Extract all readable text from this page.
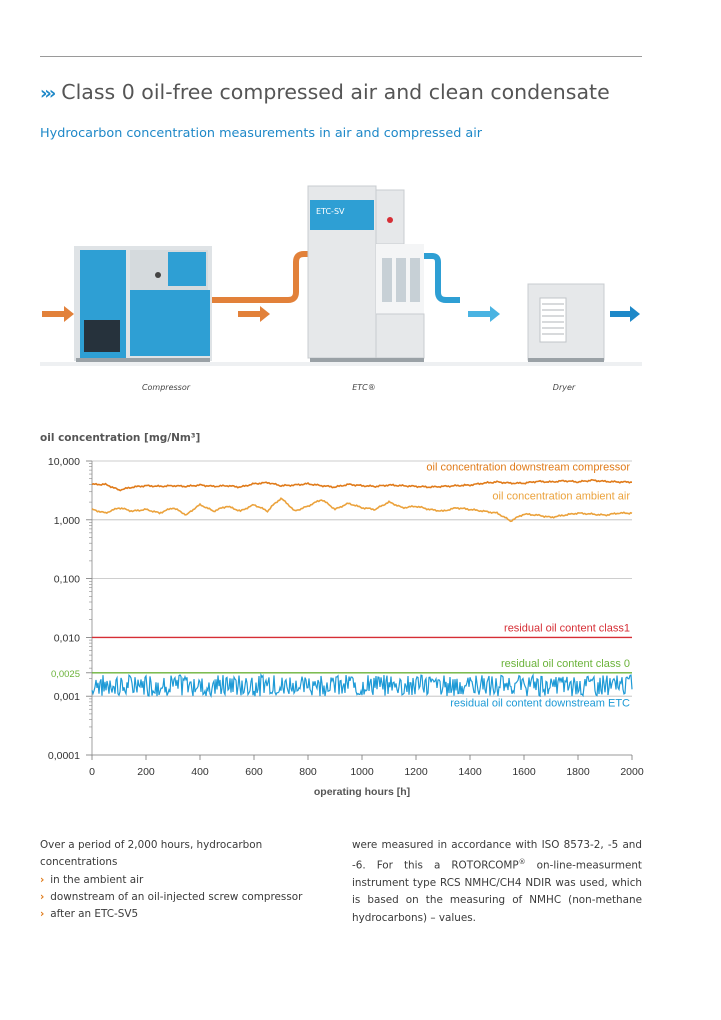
››› Class 0 oil-free compressed air and clean condensate
Hydrocarbon concentration measurements in air and compressed air
ETC-SV
Compressor	ETC®	Dryer
oil concentration [mg/Nm³]
10,000
1,000
0,100
0,010
0,0025
0,001
0,0001
0	200	400	600	800	1000	1200	1400	1600	1800	2000
operating hours [h]
oil concentration downstream compressor
oil concentration ambient air
residual oil content class1
residual oil content class 0
residual oil content downstream ETC

Over a period of 2,000 hours, hydrocarbon concentrations

› in the ambient air

› downstream of an oil-injected screw compressor

› after an ETC-SV5

were measured in accordance with ISO 8573-2, -5 and -6. For this a ROTORCOMP® on-line-measurment instrument type RCS NMHC/CH4 NDIR was used, which is based on the measuring of NMHC (non-methane hydrocarbons) – values.
